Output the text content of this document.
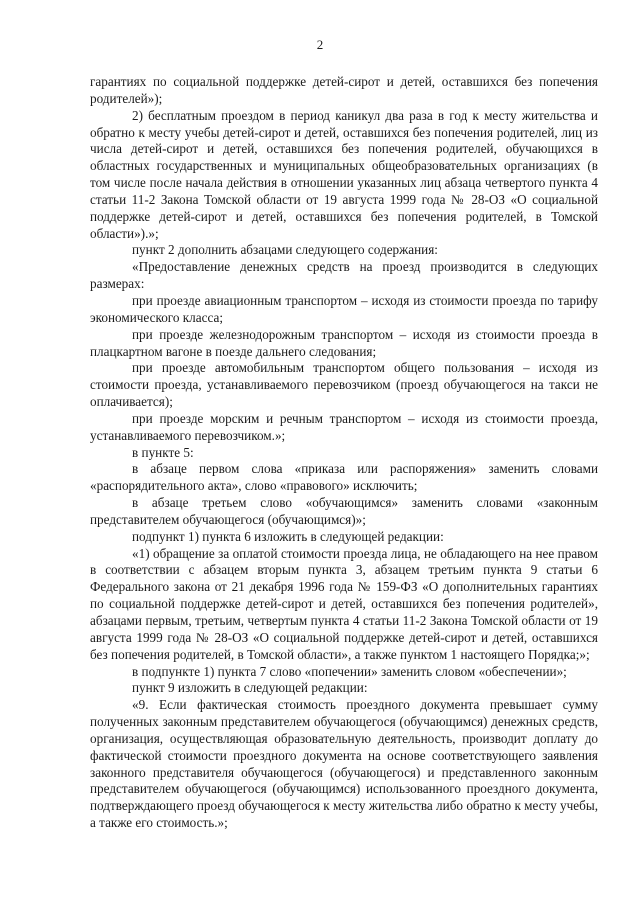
2

гарантиях по социальной поддержке детей-сирот и детей, оставшихся без попечения родителей»);

2) бесплатным проездом в период каникул два раза в год к месту жительства и обратно к месту учебы детей-сирот и детей, оставшихся без попечения родителей, лиц из числа детей-сирот и детей, оставшихся без попечения родителей, обучающихся в областных государственных и муниципальных общеобразовательных организациях (в том числе после начала действия в отношении указанных лиц абзаца четвертого пункта 4 статьи 11-2 Закона Томской области от 19 августа 1999 года № 28-ОЗ «О социальной поддержке детей-сирот и детей, оставшихся без попечения родителей, в Томской области»).»;

пункт 2 дополнить абзацами следующего содержания:

«Предоставление денежных средств на проезд производится в следующих размерах:

при проезде авиационным транспортом – исходя из стоимости проезда по тарифу экономического класса;

при проезде железнодорожным транспортом – исходя из стоимости проезда в плацкартном вагоне в поезде дальнего следования;

при проезде автомобильным транспортом общего пользования – исходя из стоимости проезда, устанавливаемого перевозчиком (проезд обучающегося на такси не оплачивается);

при проезде морским и речным транспортом – исходя из стоимости проезда, устанавливаемого перевозчиком.»;

в пункте 5:

в абзаце первом слова «приказа или распоряжения» заменить словами «распорядительного акта», слово «правового» исключить;

в абзаце третьем слово «обучающимся» заменить словами «законным представителем обучающегося (обучающимся)»;

подпункт 1) пункта 6 изложить в следующей редакции:

«1) обращение за оплатой стоимости проезда лица, не обладающего на нее правом в соответствии с абзацем вторым пункта 3, абзацем третьим пункта 9 статьи 6 Федерального закона от 21 декабря 1996 года № 159-ФЗ «О дополнительных гарантиях по социальной поддержке детей-сирот и детей, оставшихся без попечения родителей», абзацами первым, третьим, четвертым пункта 4 статьи 11-2 Закона Томской области от 19 августа 1999 года № 28-ОЗ «О социальной поддержке детей-сирот и детей, оставшихся без попечения родителей, в Томской области», а также пунктом 1 настоящего Порядка;»;

в подпункте 1) пункта 7 слово «попечении» заменить словом «обеспечении»;

пункт 9 изложить в следующей редакции:

«9. Если фактическая стоимость проездного документа превышает сумму полученных законным представителем обучающегося (обучающимся) денежных средств, организация, осуществляющая образовательную деятельность, производит доплату до фактической стоимости проездного документа на основе соответствующего заявления законного представителя обучающегося (обучающегося) и представленного законным представителем обучающегося (обучающимся) использованного проездного документа, подтверждающего проезд обучающегося к месту жительства либо обратно к месту учебы, а также его стоимость.»;
